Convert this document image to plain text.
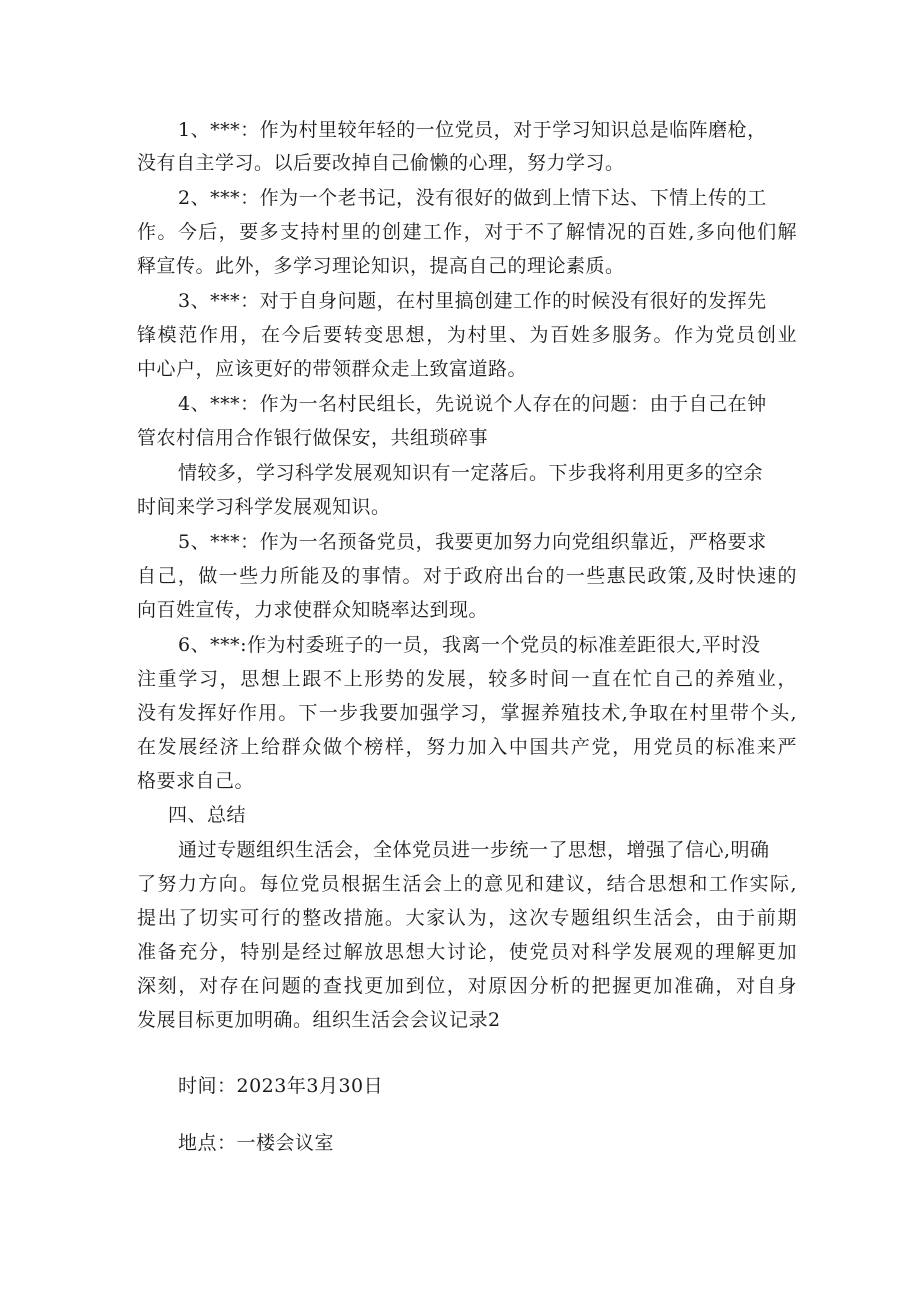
1、***：作为村里较年轻的一位党员，对于学习知识总是临阵磨枪，
没有自主学习。以后要改掉自己偷懒的心理，努力学习。
2、***：作为一个老书记，没有很好的做到上情下达、下情上传的工
作。今后，要多支持村里的创建工作，对于不了解情况的百姓,多向他们解
释宣传。此外，多学习理论知识，提高自己的理论素质。
3、***：对于自身问题，在村里搞创建工作的时候没有很好的发挥先
锋模范作用，在今后要转变思想，为村里、为百姓多服务。作为党员创业
中心户，应该更好的带领群众走上致富道路。
4、***：作为一名村民组长，先说说个人存在的问题：由于自己在钟
管农村信用合作银行做保安，共组琐碎事
情较多，学习科学发展观知识有一定落后。下步我将利用更多的空余
时间来学习科学发展观知识。
5、***：作为一名预备党员，我要更加努力向党组织靠近，严格要求
自己，做一些力所能及的事情。对于政府出台的一些惠民政策,及时快速的
向百姓宣传，力求使群众知晓率达到现。
6、***:作为村委班子的一员，我离一个党员的标准差距很大,平时没
注重学习，思想上跟不上形势的发展，较多时间一直在忙自己的养殖业，
没有发挥好作用。下一步我要加强学习，掌握养殖技术,争取在村里带个头,
在发展经济上给群众做个榜样，努力加入中国共产党，用党员的标准来严
格要求自己。
四、总结
通过专题组织生活会，全体党员进一步统一了思想，增强了信心,明确
了努力方向。每位党员根据生活会上的意见和建议，结合思想和工作实际,
提出了切实可行的整改措施。大家认为，这次专题组织生活会，由于前期
准备充分，特别是经过解放思想大讨论，使党员对科学发展观的理解更加
深刻，对存在问题的查找更加到位，对原因分析的把握更加准确，对自身
发展目标更加明确。组织生活会会议记录2
时间：2023年3月30日
地点：一楼会议室
